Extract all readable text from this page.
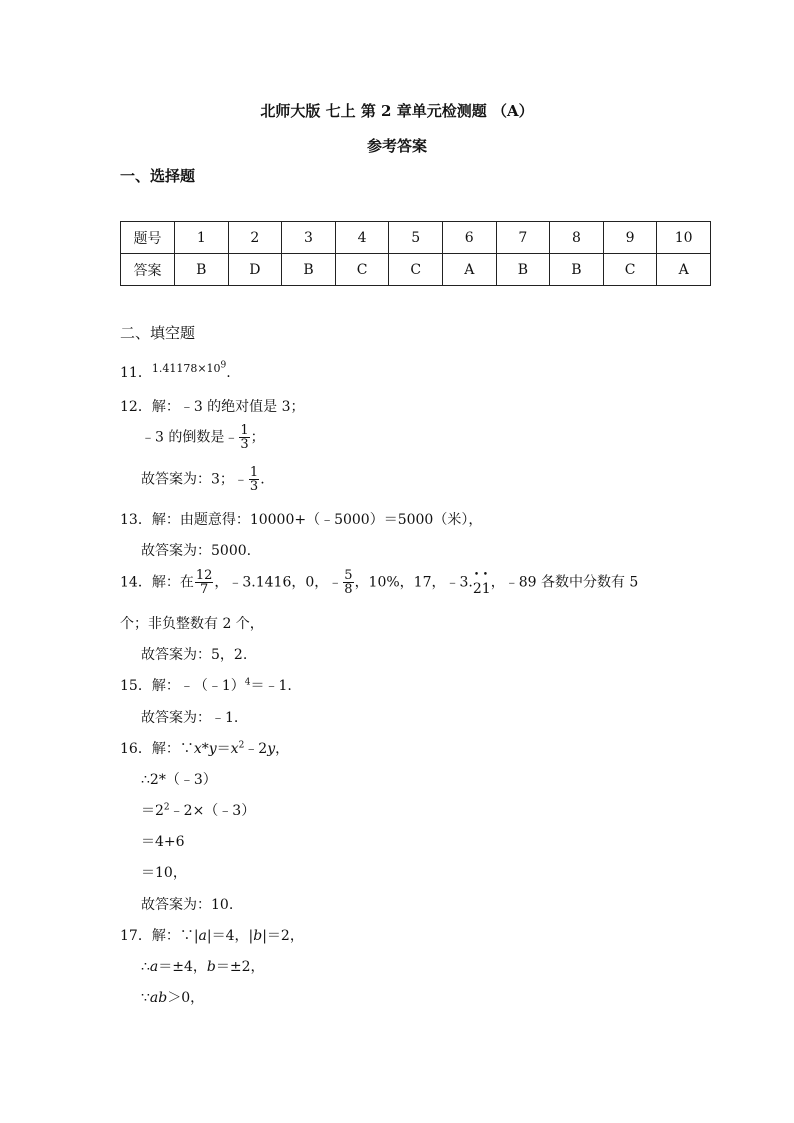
北师大版 七上 第 2 章单元检测题 （A）
参考答案
一、选择题
题号	1	2	3	4	5	6	7	8	9	10
答案	B	D	B	C	C	A	B	B	C	A
二、填空题
11．$^{1.41178\times 10^9}$.
12．解：﹣3 的绝对值是 3；
﹣3 的倒数是﹣ $\frac{1}{3}$ ；
故答案为：3；﹣ $\frac{1}{3}$ .
13．解：由题意得：10000+（﹣5000）＝5000（米），
故答案为：5000.
14．解：在 $\frac{12}{7}$ ，﹣3.1416，0，﹣ $\frac{5}{8}$ ，10%，17，﹣3.• 2• 1，﹣89 各数中分数有 5
个；非负整数有 2 个，
故答案为：5，2.
15．解：﹣（﹣1）$^4$＝﹣1.
故答案为：﹣1.
16．解：$\because x*y=x^2﹣2y$，
∴2*（﹣3）
$=2^2﹣2\times(﹣3)$
＝4+6
＝10，
故答案为：10.
17．解：∵|a|＝4，|b|＝2，
∴a＝±4，b＝±2，
∵ab＞0，
